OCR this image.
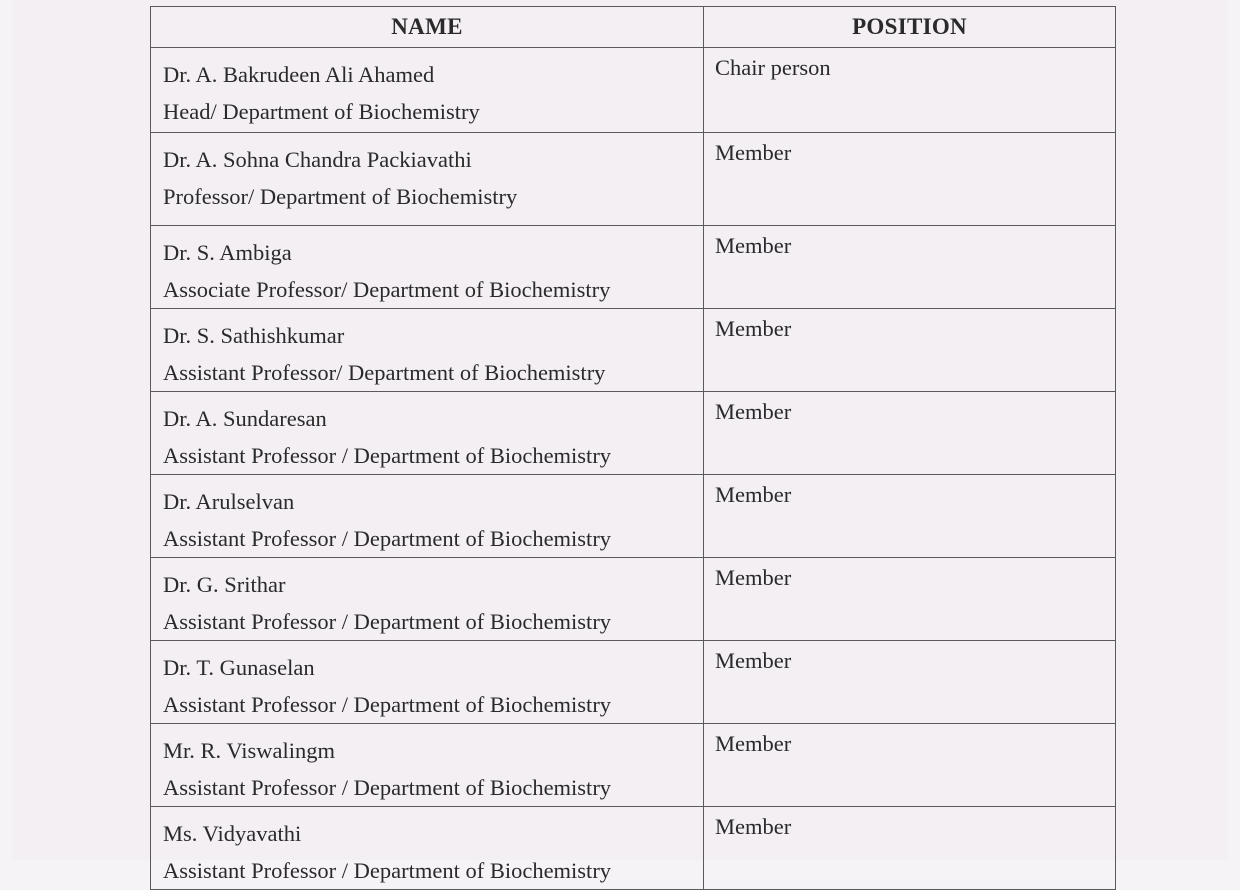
NAME	POSITION

Dr. A. Bakrudeen Ali Ahamed
Head/ Department of Biochemistry	Chair person

Dr. A. Sohna Chandra Packiavathi
Professor/ Department of Biochemistry	Member

Dr. S. Ambiga
Associate Professor/ Department of Biochemistry	Member

Dr. S. Sathishkumar
Assistant Professor/ Department of Biochemistry	Member

Dr. A. Sundaresan
Assistant Professor / Department of Biochemistry	Member

Dr. Arulselvan
Assistant Professor / Department of Biochemistry	Member

Dr. G. Srithar
Assistant Professor / Department of Biochemistry	Member

Dr. T. Gunaselan
Assistant Professor / Department of Biochemistry	Member

Mr. R. Viswalingm
Assistant Professor / Department of Biochemistry	Member

Ms. Vidyavathi
Assistant Professor / Department of Biochemistry	Member
